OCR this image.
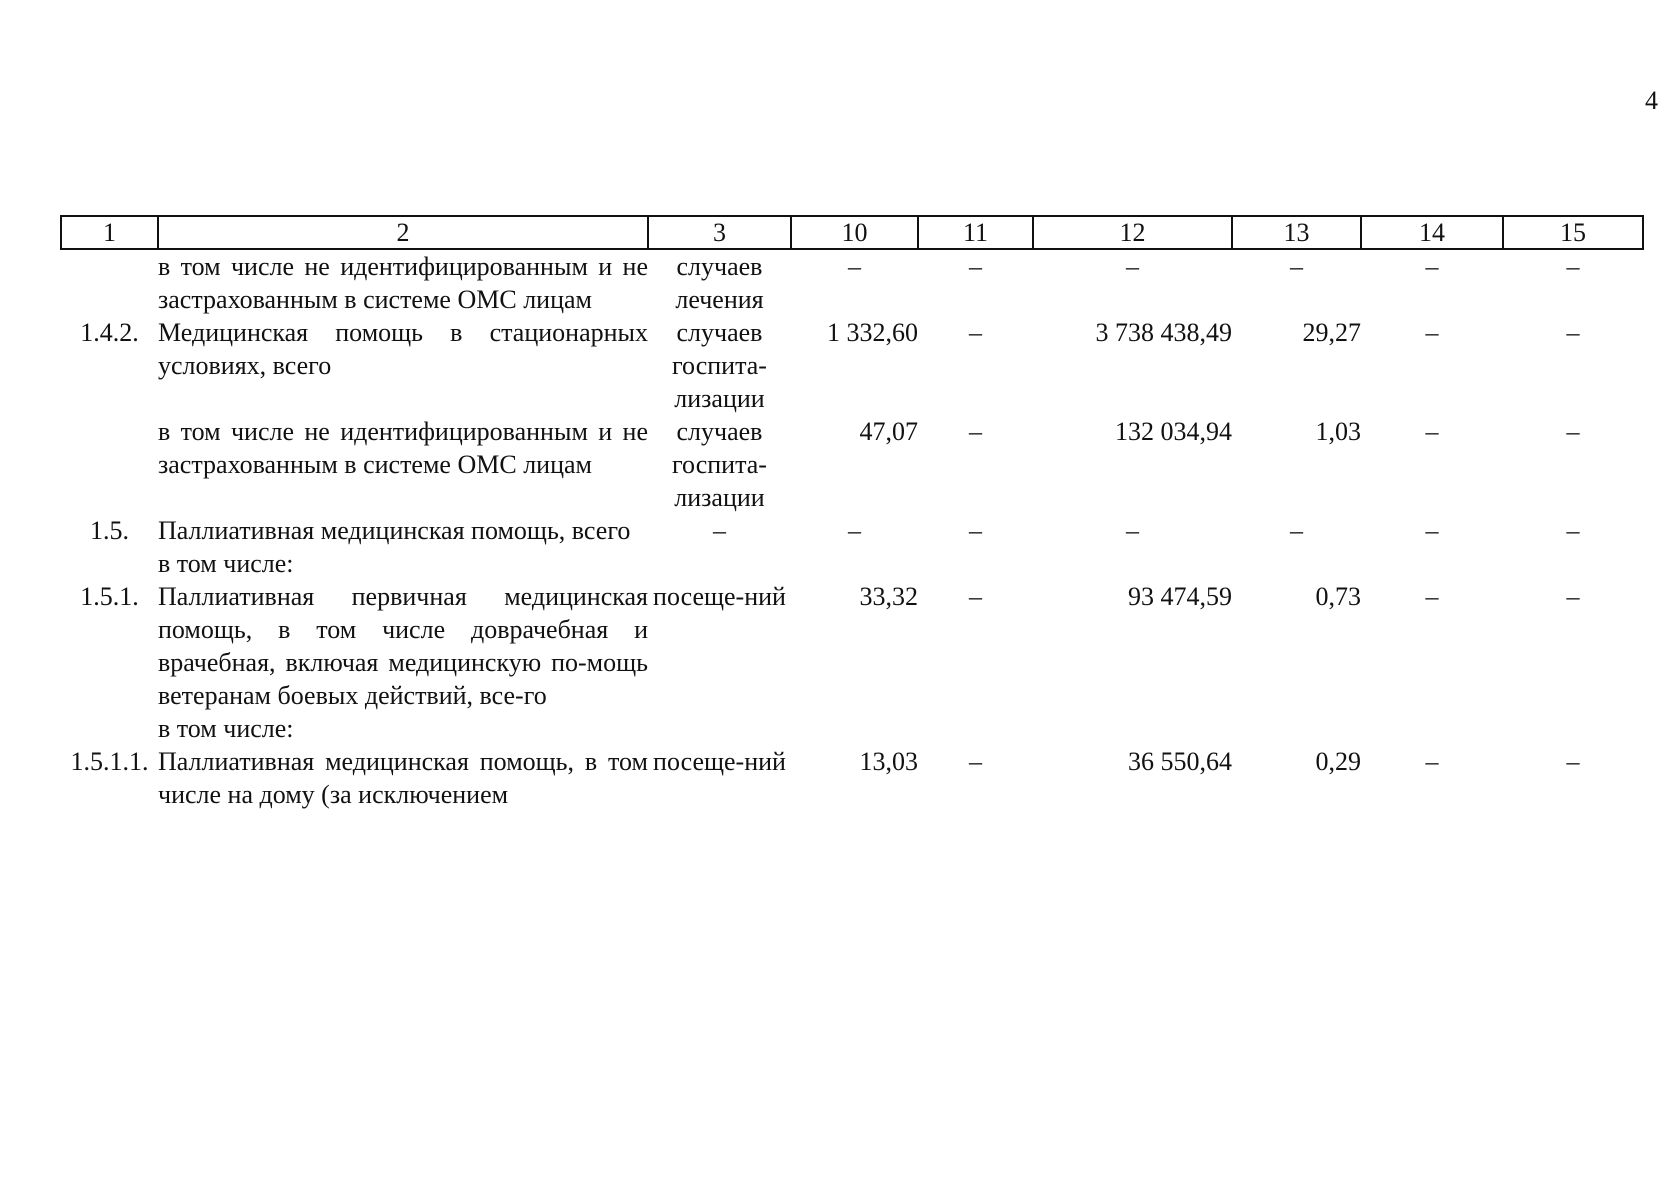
4
1	2	3	10	11	12	13	14	15
	в том числе не идентифицированным и не застрахованным в системе ОМС лицам	случаев лечения	–	–	–	–	–	–
1.4.2.	Медицинская помощь в стационарных условиях, всего	случаев госпита-лизации	1 332,60	–	3 738 438,49	29,27	–	–
	в том числе не идентифицированным и не застрахованным в системе ОМС лицам	случаев госпита-лизации	47,07	–	132 034,94	1,03	–	–
1.5.	Паллиативная медицинская помощь, всего	–	–	–	–	–	–	–
	в том числе:							
1.5.1.	Паллиативная первичная медицинская помощь, в том числе доврачебная и врачебная, включая медицинскую по-мощь ветеранам боевых действий, все-го	посеще-ний	33,32	–	93 474,59	0,73	–	–
	в том числе:							
1.5.1.1.	Паллиативная медицинская помощь, в том числе на дому (за исключением	посеще-ний	13,03	–	36 550,64	0,29	–	–
